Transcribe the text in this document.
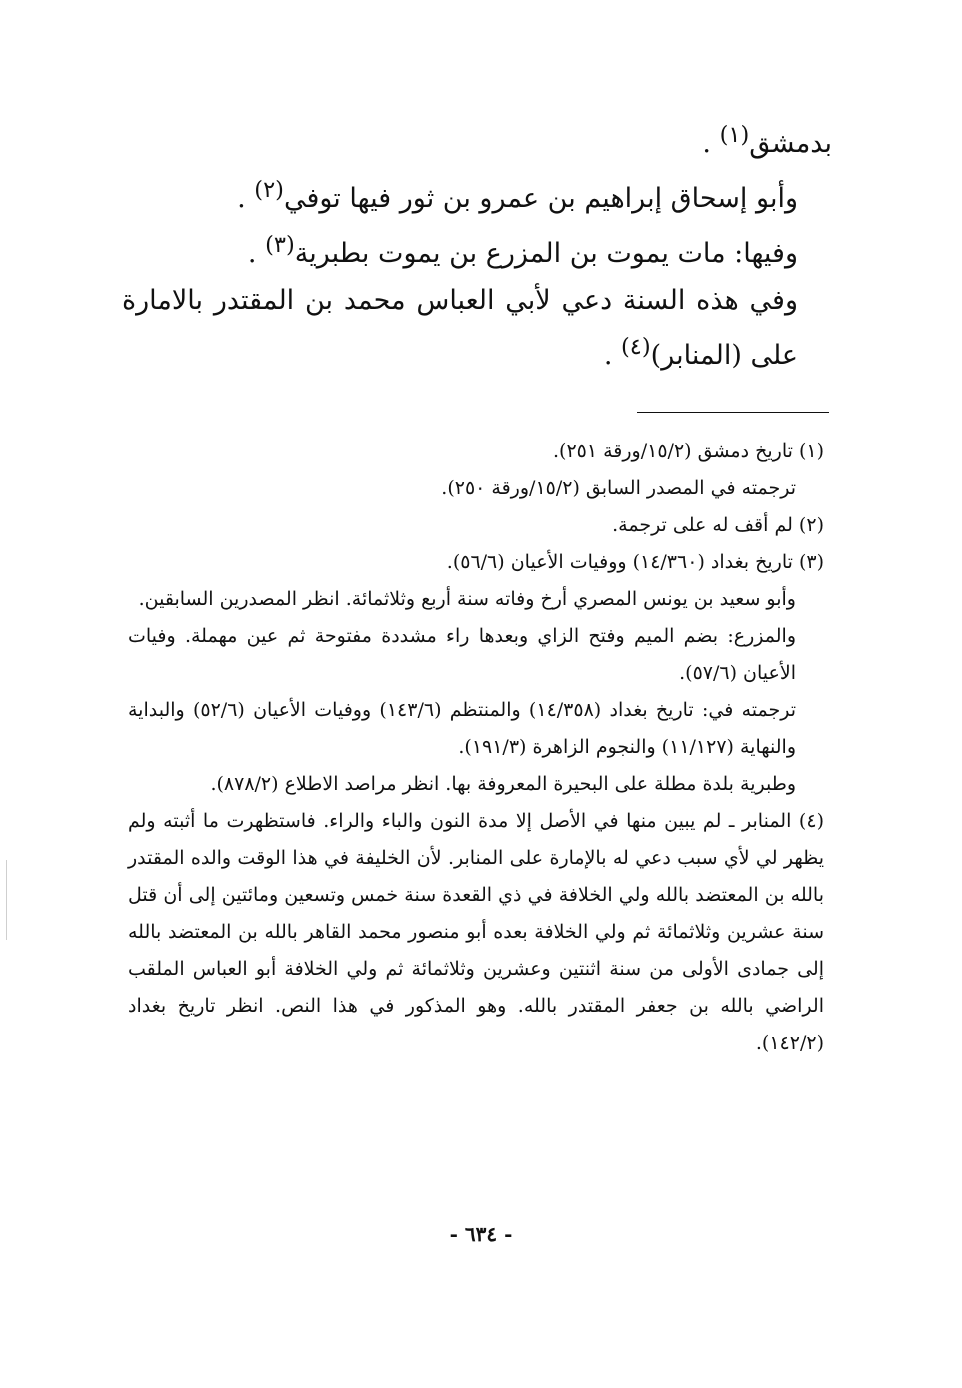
بدمشق$^{(١)}$ .

وأبو إسحاق إبراهيم بن عمرو بن ثور فيها توفي$^{(٢)}$ .

وفيها: مات يموت بن المزرع بن يموت بطبرية$^{(٣)}$ .

وفي هذه السنة دعي لأبي العباس محمد بن المقتدر بالامارة على (المنابر)$^{(٤)}$ .

(١) تاريخ دمشق (١٥/٢/ورقة ٢٥١).

ترجمته في المصدر السابق (١٥/٢/ورقة ٢٥٠).

(٢) لم أقف له على ترجمة.

(٣) تاريخ بغداد (١٤/٣٦٠) ووفيات الأعيان (٥٦/٦).

وأبو سعيد بن يونس المصري أرخ وفاته سنة أربع وثلاثمائة. انظر المصدرين السابقين.

والمزرع: بضم الميم وفتح الزاي وبعدها راء مشددة مفتوحة ثم عين مهملة. وفيات الأعيان (٥٧/٦).

ترجمته في: تاريخ بغداد (١٤/٣٥٨) والمنتظم (١٤٣/٦) ووفيات الأعيان (٥٢/٦) والبداية والنهاية (١١/١٢٧) والنجوم الزاهرة (١٩١/٣).

وطبرية بلدة مطلة على البحيرة المعروفة بها. انظر مراصد الاطلاع (٨٧٨/٢).

(٤) المنابر ـ لم يبين منها في الأصل إلا مدة النون والباء والراء. فاستظهرت ما أثبته ولم يظهر لي لأي سبب دعي له بالإمارة على المنابر. لأن الخليفة في هذا الوقت والده المقتدر بالله بن المعتضد بالله ولي الخلافة في ذي القعدة سنة خمس وتسعين ومائتين إلى أن قتل سنة عشرين وثلاثمائة ثم ولي الخلافة بعده أبو منصور محمد القاهر بالله بن المعتضد بالله إلى جمادى الأولى من سنة اثنتين وعشرين وثلاثمائة ثم ولي الخلافة أبو العباس الملقب الراضي بالله بن جعفر المقتدر بالله. وهو المذكور في هذا النص. انظر تاريخ بغداد (١٤٢/٢).

- ٦٣٤ -
